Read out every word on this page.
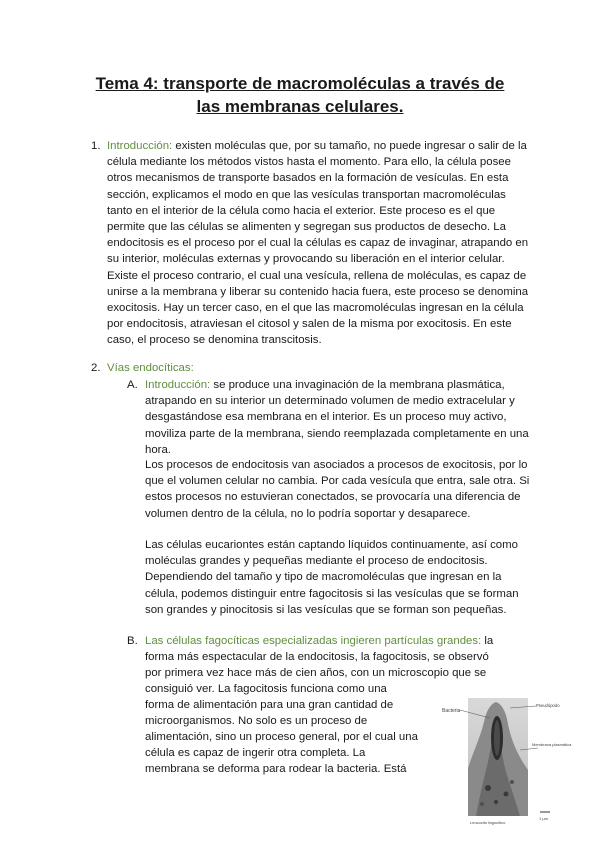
Tema 4: transporte de macromoléculas a través de
las membranas celulares.
1. Introducción: existen moléculas que, por su tamaño, no puede ingresar o salir de la célula mediante los métodos vistos hasta el momento. Para ello, la célula posee otros mecanismos de transporte basados en la formación de vesículas. En esta sección, explicamos el modo en que las vesículas transportan macromoléculas tanto en el interior de la célula como hacia el exterior. Este proceso es el que permite que las células se alimenten y segregan sus productos de desecho. La endocitosis es el proceso por el cual la células es capaz de invaginar, atrapando en su interior, moléculas externas y provocando su liberación en el interior celular. Existe el proceso contrario, el cual una vesícula, rellena de moléculas, es capaz de unirse a la membrana y liberar su contenido hacia fuera, este proceso se denomina exocitosis. Hay un tercer caso, en el que las macromoléculas ingresan en la célula por endocitosis, atraviesan el citosol y salen de la misma por exocitosis. En este caso, el proceso se denomina transcitosis.
2. Vías endocíticas:
A. Introducción: se produce una invaginación de la membrana plasmática, atrapando en su interior un determinado volumen de medio extracelular y desgastándose esa membrana en el interior. Es un proceso muy activo, moviliza parte de la membrana, siendo reemplazada completamente en una hora.
Los procesos de endocitosis van asociados a procesos de exocitosis, por lo que el volumen celular no cambia. Por cada vesícula que entra, sale otra. Si estos procesos no estuvieran conectados, se provocaría una diferencia de volumen dentro de la célula, no lo podría soportar y desaparece.
Las células eucariontes están captando líquidos continuamente, así como moléculas grandes y pequeñas mediante el proceso de endocitosis. Dependiendo del tamaño y tipo de macromoléculas que ingresan en la célula, podemos distinguir entre fagocitosis si las vesículas que se forman son grandes y pinocitosis si las vesículas que se forman son pequeñas.
B. Las células fagocíticas especializadas ingieren partículas grandes: la
forma más espectacular de la endocitosis, la fagocitosis, se observó
por primera vez hace más de cien años, con un microscopio que se
consiguió ver. La fagocitosis funciona como una
forma de alimentación para una gran cantidad de
microorganismos. No solo es un proceso de
alimentación, sino un proceso general, por el cual una
célula es capaz de ingerir otra completa. La
membrana se deforma para rodear la bacteria. Está
Bacteria
Pseudópodo
Membrana plasmática
Leucocito fagocítico
1 µm
